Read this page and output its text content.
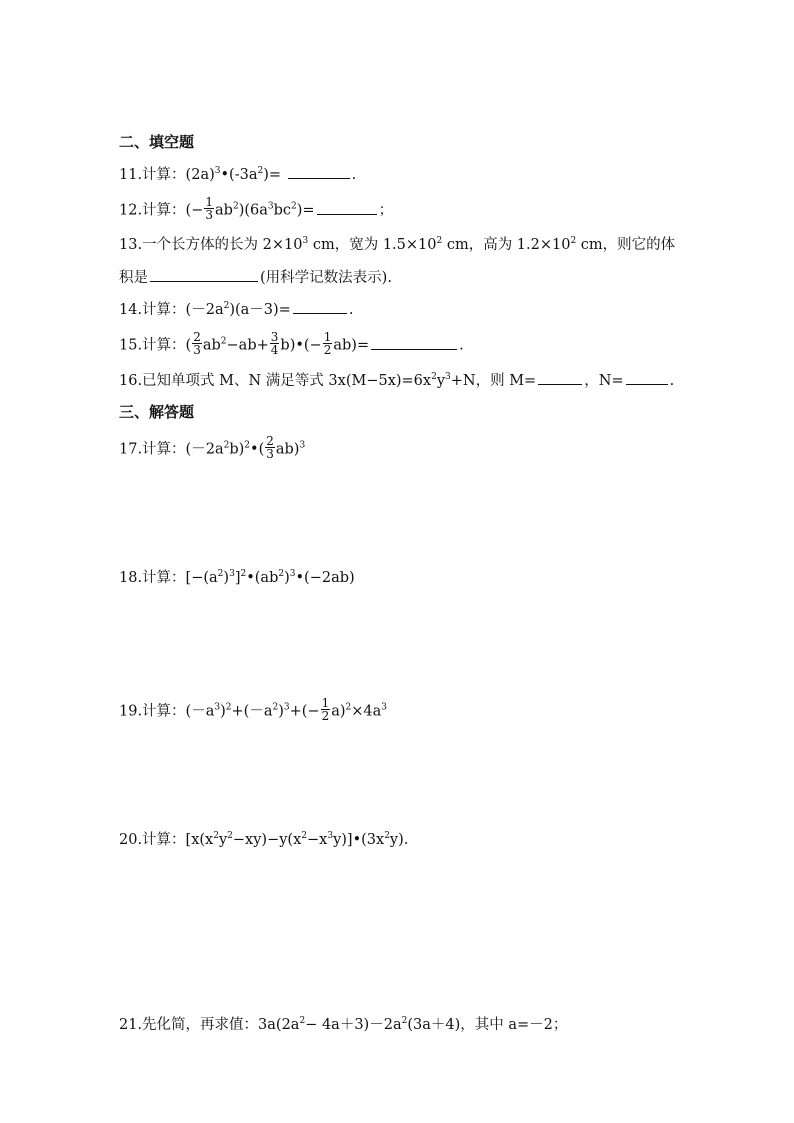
二、填空题
11.计算：$(2a)^3•(-3a^2)=$	.
12.计算：(− $\frac{1}{3} ab^2)(6a^3bc^2)=$	；
13.一个长方体的长为 $2\times 10^3$ cm，宽为 $1.5\times 10^2$ cm，高为 $1.2\times 10^2$ cm，则它的体
积是	(用科学记数法表示).
14.计算：$(-2a^2)(a-3)=$	.
15.计算：( $\frac{2}{3} ab^2-ab+ \frac{3}{4}$ b)•(− $\frac{1}{2} ab)=$	.
16.已知单项式 M、N 满足等式 $3x(M-5x)=6x^2y^3+N$，则 M=	，N=	.
三、解答题
17.计算：$(-2a^2b)^2•( \frac{2}{3} ab)^3$
18.计算：$[-(a^2)^3]^2•(ab^2)^3•(-2ab)$
19.计算：$(-a^3)^2+(-a^2)^3+(- \frac{1}{2} a)^2\times 4a^3$
20.计算：$[x(x^2y^2-xy)-y(x^2-x^3y)]•(3x^2y)$.
21.先化简，再求值：$3a(2a^2- 4a+3)-2a^2(3a+4)$，其中 a=－2；
